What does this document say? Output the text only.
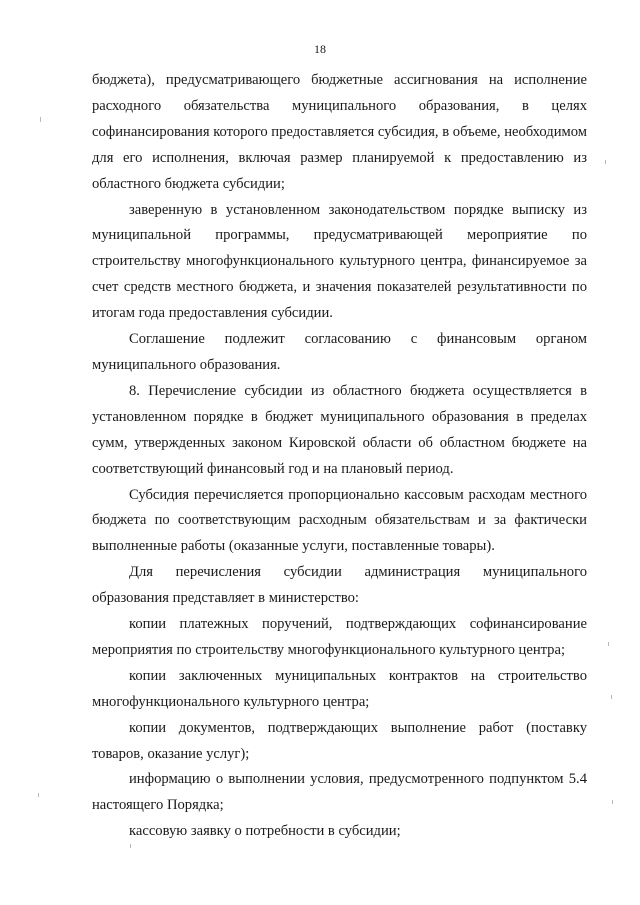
18

бюджета), предусматривающего бюджетные ассигнования на исполнение расходного обязательства муниципального образования, в целях софинансирования которого предоставляется субсидия, в объеме, необходимом для его исполнения, включая размер планируемой к предоставлению из областного бюджета субсидии;

заверенную в установленном законодательством порядке выписку из муниципальной программы, предусматривающей мероприятие по строительству многофункционального культурного центра, финансируемое за счет средств местного бюджета, и значения показателей результативности по итогам года предоставления субсидии.

Соглашение подлежит согласованию с финансовым органом муниципального образования.

8. Перечисление субсидии из областного бюджета осуществляется в установленном порядке в бюджет муниципального образования в пределах сумм, утвержденных законом Кировской области об областном бюджете на соответствующий финансовый год и на плановый период.

Субсидия перечисляется пропорционально кассовым расходам местного бюджета по соответствующим расходным обязательствам и за фактически выполненные работы (оказанные услуги, поставленные товары).

Для перечисления субсидии администрация муниципального образования представляет в министерство:

копии платежных поручений, подтверждающих софинансирование мероприятия по строительству многофункционального культурного центра;

копии заключенных муниципальных контрактов на строительство многофункционального культурного центра;

копии документов, подтверждающих выполнение работ (поставку товаров, оказание услуг);

информацию о выполнении условия, предусмотренного подпунктом 5.4 настоящего Порядка;

кассовую заявку о потребности в субсидии;
